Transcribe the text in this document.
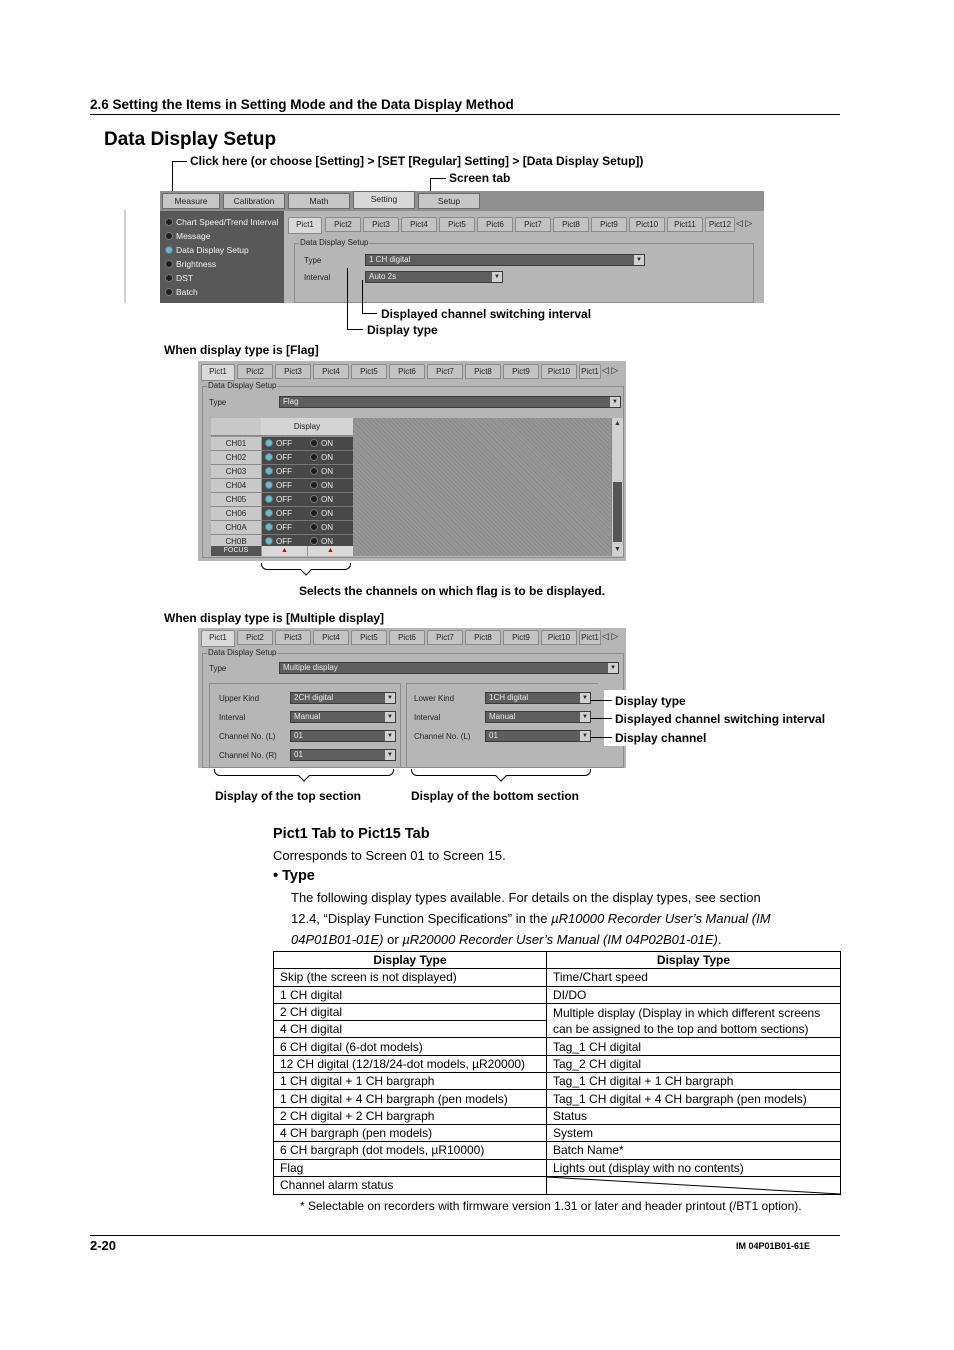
2.6 Setting the Items in Setting Mode and the Data Display Method
Data Display Setup
Click here (or choose [Setting] > [SET [Regular] Setting] > [Data Display Setup])
Screen tab
Measure	Calibration	Math	Setting	Setup
Chart Speed/Trend Interval
Message
Data Display Setup
Brightness
DST
Batch
Pict1	Pict2	Pict3	Pict4	Pict5	Pict6	Pict7	Pict8	Pict9	Pict10	Pict11	Pict12 ◁ ▷
Data Display Setup
Type	1 CH digital	▼
Interval	Auto 2s	▼
Displayed channel switching interval
Display type
When display type is [Flag]
Pict1	Pict2	Pict3	Pict4	Pict5	Pict6	Pict7	Pict8	Pict9	Pict10	Pict1 ◁ ▷
Data Display Setup
Type	Flag	▼
Display
CH01	OFF	ON
CH02	OFF	ON
CH03	OFF	ON
CH04	OFF	ON
CH05	OFF	ON
CH06	OFF	ON
CH0A	OFF	ON
CH0B	OFF	ON
FOCUS	▲	▲
▲
▼
Selects the channels on which flag is to be displayed.
When display type is [Multiple display]
Pict1	Pict2	Pict3	Pict4	Pict5	Pict6	Pict7	Pict8	Pict9	Pict10	Pict1 ◁ ▷
Data Display Setup
Type	Multiple display	▼
Upper Kind	2CH digital	▼
Interval	Manual	▼
Channel No. (L)	01	▼
Channel No. (R)	01	▼
Lower Kind	1CH digital	▼
Interval	Manual	▼
Channel No. (L)	01	▼
Display type
Displayed channel switching interval
Display channel
Display of the top section	Display of the bottom section
Pict1 Tab to Pict15 Tab
Corresponds to Screen 01 to Screen 15.
• Type
The following display types available. For details on the display types, see section
12.4, “Display Function Specifications” in the µR10000 Recorder User’s Manual (IM
04P01B01-01E) or µR20000 Recorder User’s Manual (IM 04P02B01-01E).
Display Type	Display Type
Skip (the screen is not displayed)	Time/Chart speed
1 CH digital	DI/DO
2 CH digital	Multiple display (Display in which different screens can be assigned to the top and bottom sections)
4 CH digital	
6 CH digital (6-dot models)	Tag_1 CH digital
12 CH digital (12/18/24-dot models, µR20000)	Tag_2 CH digital
1 CH digital + 1 CH bargraph	Tag_1 CH digital + 1 CH bargraph
1 CH digital + 4 CH bargraph (pen models)	Tag_1 CH digital + 4 CH bargraph (pen models)
2 CH digital + 2 CH bargraph	Status
4 CH bargraph (pen models)	System
6 CH bargraph (dot models, µR10000)	Batch Name*
Flag	Lights out (display with no contents)
Channel alarm status	
* Selectable on recorders with firmware version 1.31 or later and header printout (/BT1 option).
2-20	IM 04P01B01-61E
